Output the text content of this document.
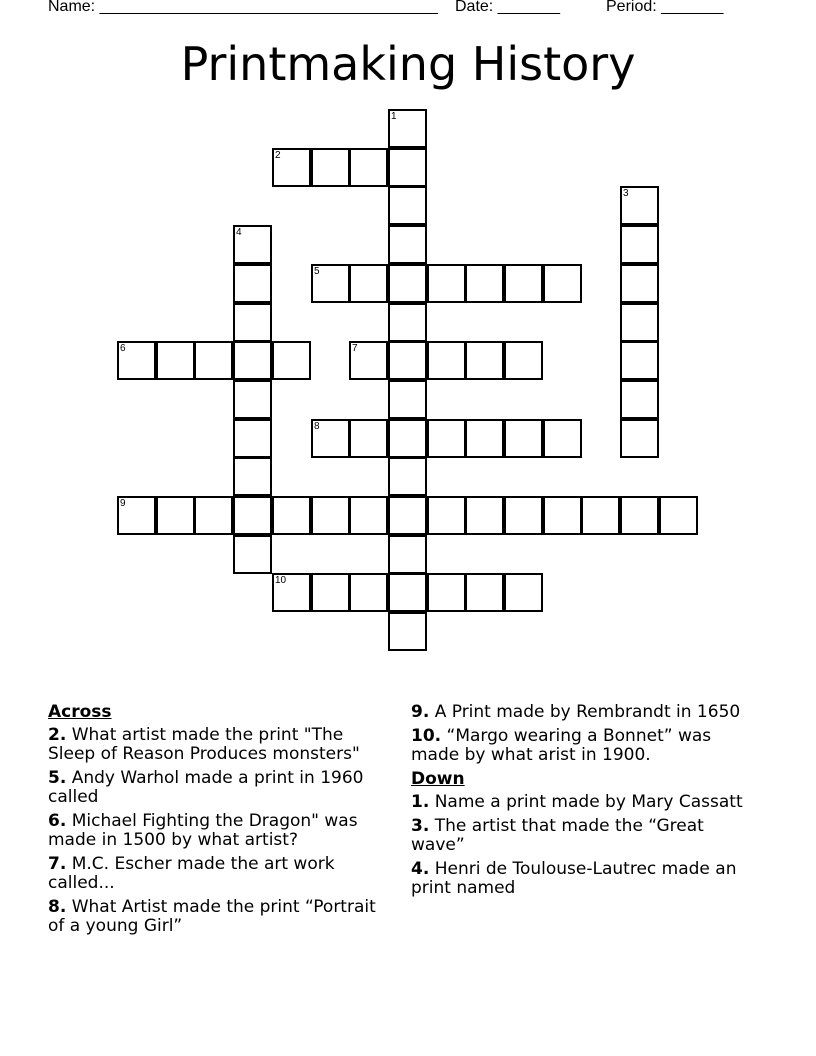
Name: ______________________________________

Date: _______

	Period: _______

Printmaking History
1
2
3
4
5
6	7
8
9
10
Across
2. What artist made the print "The Sleep of Reason Produces monsters"
5. Andy Warhol made a print in 1960 called
6. Michael Fighting the Dragon" was made in 1500 by what artist?
7. M.C. Escher made the art work called...
8. What Artist made the print “Portrait of a young Girl”
9. A Print made by Rembrandt in 1650
10. “Margo wearing a Bonnet” was made by what arist in 1900.
Down
1. Name a print made by Mary Cassatt
3. The artist that made the “Great wave”
4. Henri de Toulouse-Lautrec made an print named
